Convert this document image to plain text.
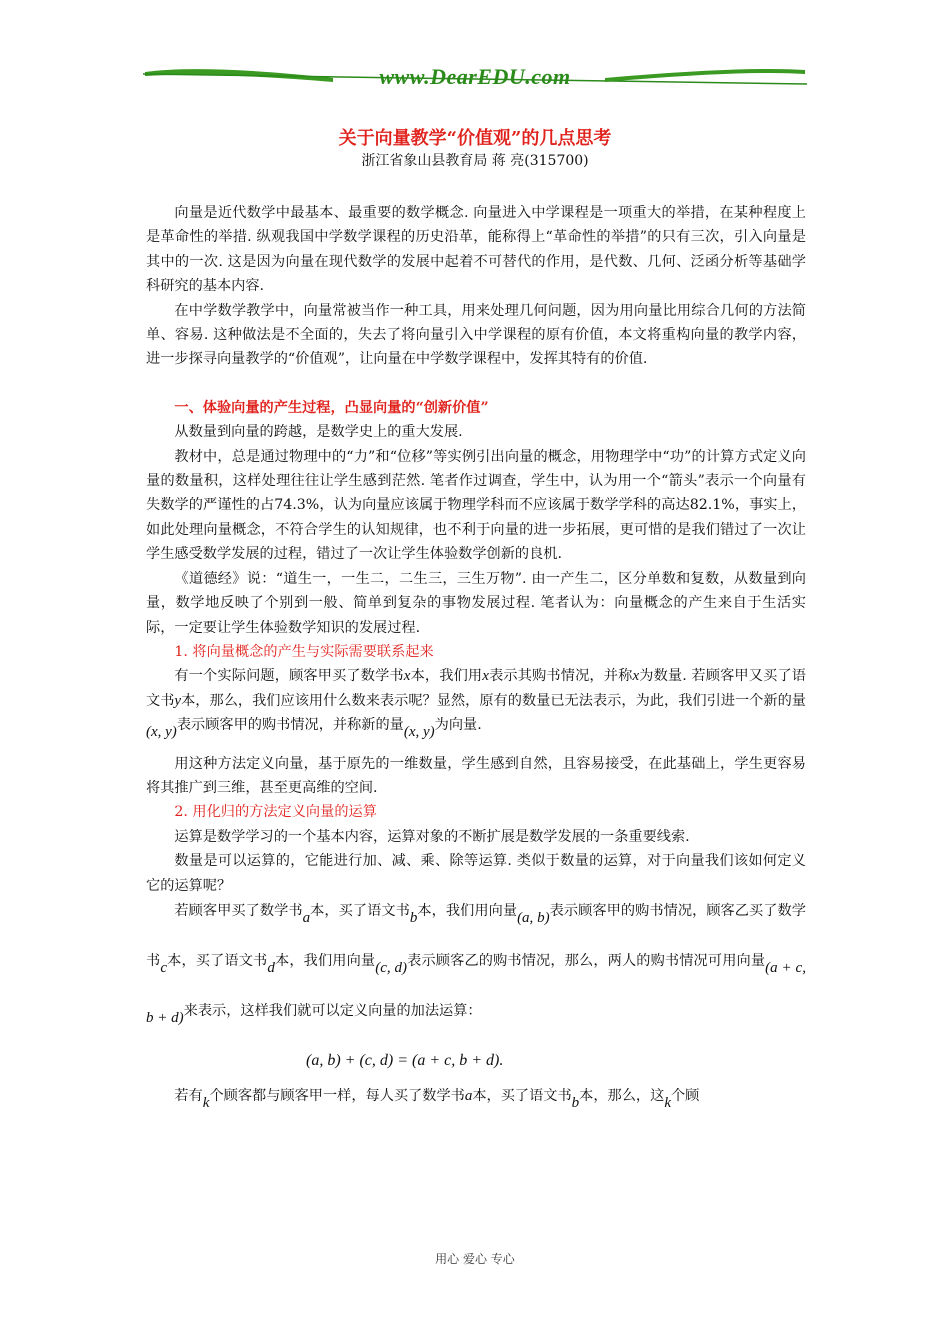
www.DearEDU.com
关于向量教学“价值观”的几点思考
浙江省象山县教育局 蒋 亮(315700)

向量是近代数学中最基本、最重要的数学概念. 向量进入中学课程是一项重大的举措，在某种程度上是革命性的举措. 纵观我国中学数学课程的历史沿革，能称得上“革命性的举措”的只有三次，引入向量是其中的一次. 这是因为向量在现代数学的发展中起着不可替代的作用，是代数、几何、泛函分析等基础学科研究的基本内容.

在中学数学教学中，向量常被当作一种工具，用来处理几何问题，因为用向量比用综合几何的方法简单、容易. 这种做法是不全面的，失去了将向量引入中学课程的原有价值，本文将重构向量的教学内容，进一步探寻向量教学的“价值观”，让向量在中学数学课程中，发挥其特有的价值.

一、体验向量的产生过程，凸显向量的“创新价值”

从数量到向量的跨越，是数学史上的重大发展.

教材中，总是通过物理中的“力”和“位移”等实例引出向量的概念，用物理学中“功”的计算方式定义向量的数量积，这样处理往往让学生感到茫然. 笔者作过调查，学生中，认为用一个“箭头”表示一个向量有失数学的严谨性的占74.3%，认为向量应该属于物理学科而不应该属于数学学科的高达82.1%，事实上，如此处理向量概念，不符合学生的认知规律，也不利于向量的进一步拓展，更可惜的是我们错过了一次让学生感受数学发展的过程，错过了一次让学生体验数学创新的良机.

《道德经》说：“道生一，一生二，二生三，三生万物”. 由一产生二，区分单数和复数，从数量到向量，数学地反映了个别到一般、简单到复杂的事物发展过程. 笔者认为：向量概念的产生来自于生活实际，一定要让学生体验数学知识的发展过程.

1. 将向量概念的产生与实际需要联系起来

有一个实际问题，顾客甲买了数学书x本，我们用x表示其购书情况，并称x为数量. 若顾客甲又买了语文书y本，那么，我们应该用什么数来表示呢？显然，原有的数量已无法表示，为此，我们引进一个新的量(x, y)表示顾客甲的购书情况，并称新的量(x, y)为向量.

用这种方法定义向量，基于原先的一维数量，学生感到自然，且容易接受，在此基础上，学生更容易将其推广到三维，甚至更高维的空间.

2. 用化归的方法定义向量的运算

运算是数学学习的一个基本内容，运算对象的不断扩展是数学发展的一条重要线索.

数量是可以运算的，它能进行加、减、乘、除等运算. 类似于数量的运算，对于向量我们该如何定义它的运算呢？

若顾客甲买了数学书a本，买了语文书b本，我们用向量(a, b)表示顾客甲的购书情况，顾客乙买了数学书c本，买了语文书d本，我们用向量(c, d)表示顾客乙的购书情况，那么，两人的购书情况可用向量(a + c, b + d)来表示，这样我们就可以定义向量的加法运算：

(a, b) + (c, d) = (a + c, b + d).

若有k个顾客都与顾客甲一样，每人买了数学书a本，买了语文书b本，那么，这k个顾

用心 爱心 专心
